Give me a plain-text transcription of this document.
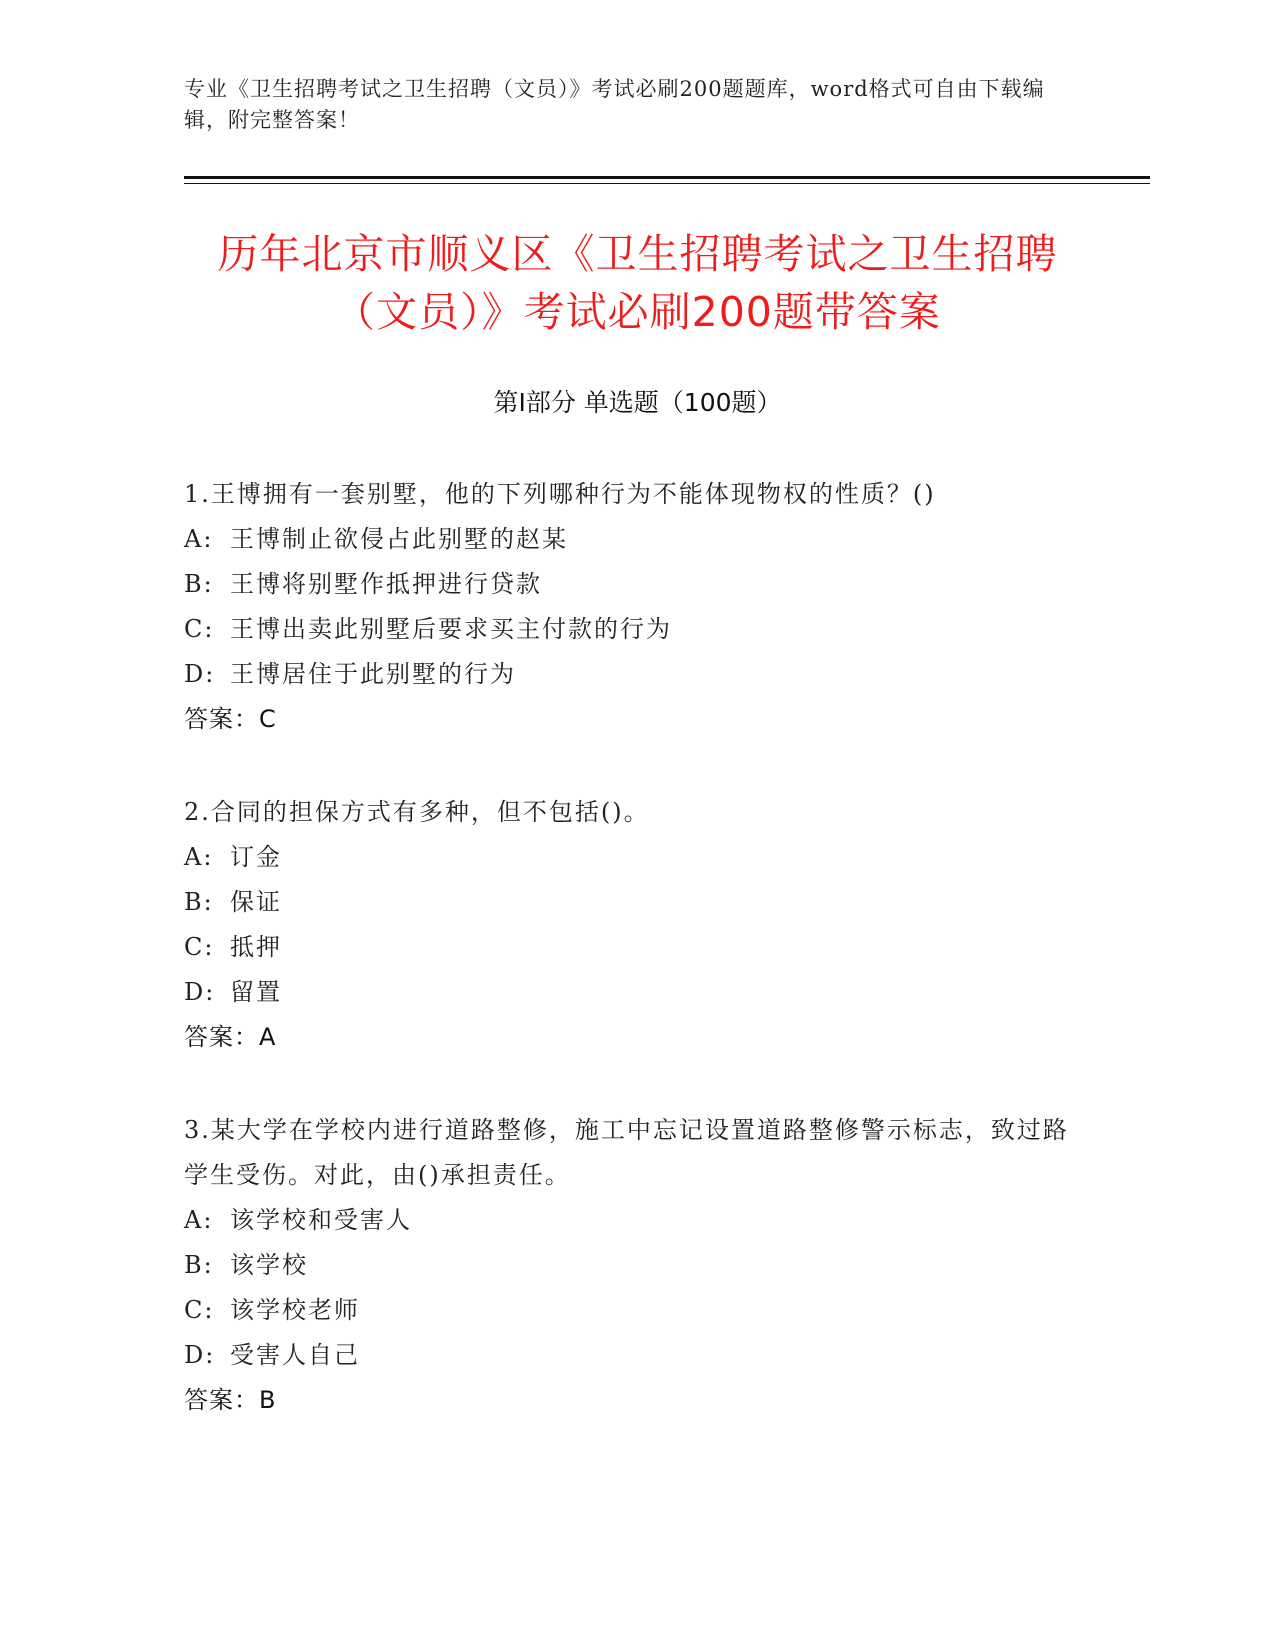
专业《卫生招聘考试之卫生招聘（文员）》考试必刷200题题库，word格式可自由下载编辑，附完整答案！
历年北京市顺义区《卫生招聘考试之卫生招聘（文员）》考试必刷200题带答案
第Ⅰ部分 单选题（100题）

1.王博拥有一套别墅，他的下列哪种行为不能体现物权的性质？()

A: 王博制止欲侵占此别墅的赵某

B: 王博将别墅作抵押进行贷款

C: 王博出卖此别墅后要求买主付款的行为

D: 王博居住于此别墅的行为

答案：C

2.合同的担保方式有多种，但不包括()。

A: 订金

B: 保证

C: 抵押

D: 留置

答案：A

3.某大学在学校内进行道路整修，施工中忘记设置道路整修警示标志，致过路学生受伤。对此，由()承担责任。

A: 该学校和受害人

B: 该学校

C: 该学校老师

D: 受害人自己

答案：B
